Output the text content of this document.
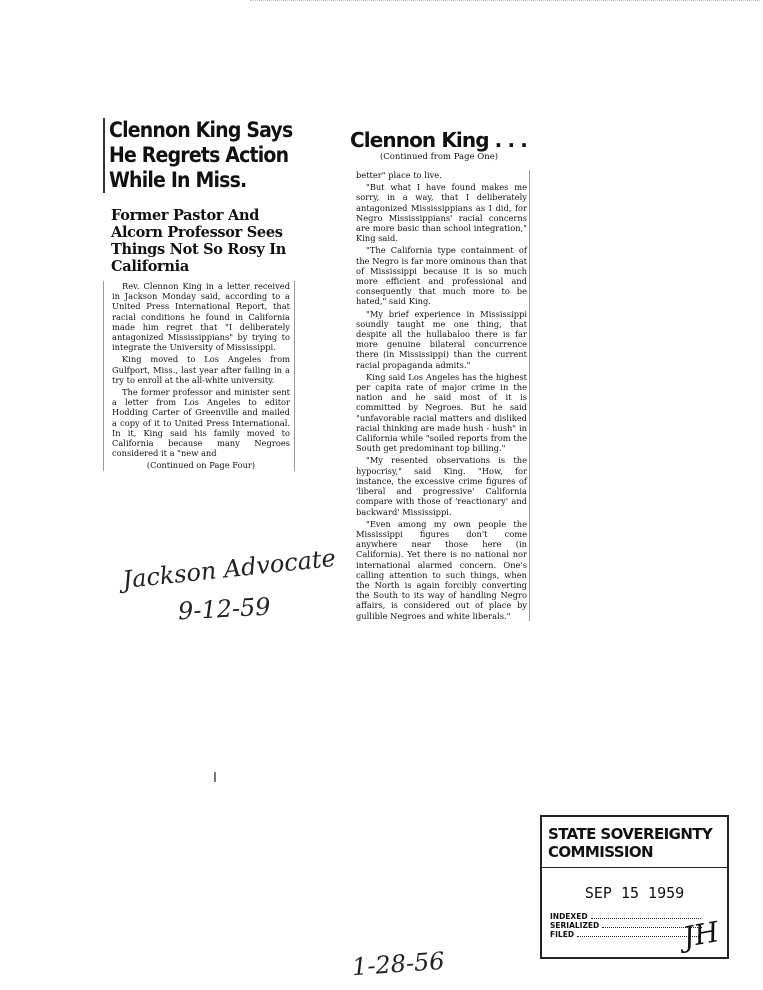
Clennon King Says He Regrets Action While In Miss.
Former Pastor And Alcorn Professor Sees Things Not So Rosy In California

Rev. Clennon King in a letter received in Jackson Monday said, according to a United Press International Report, that racial conditions he found in California made him regret that "I deliberately antagonized Mississippians" by trying to integrate the University of Mississippi.

King moved to Los Angeles from Gulfport, Miss., last year after failing in a try to enroll at the all-white university.

The former professor and minister sent a letter from Los Angeles to editor Hodding Carter of Greenville and mailed a copy of it to United Press International. In it, King said his family moved to California because many Negroes considered it a "new and

(Continued on Page Four)
Clennon King . . .
(Continued from Page One)

better" place to live.

"But what I have found makes me sorry, in a way, that I deliberately antagonized Mississippians as I did, for Negro Mississippians' racial concerns are more basic than school integration," King said.

"The California type containment of the Negro is far more ominous than that of Mississippi because it is so much more efficient and professional and consequently that much more to be hated," said King.

"My brief experience in Mississippi soundly taught me one thing, that despite all the hullabaloo there is far more genuine bilateral concurrence there (in Mississippi) than the current racial propaganda admits."

King said Los Angeles has the highest per capita rate of major crime in the nation and he said most of it is committed by Negroes. But he said "unfavorable racial matters and disliked racial thinking are made hush - hush" in California while "soiled reports from the South get predominant top billing."

"My resented observations is the hypocrisy," said King. "How, for instance, the excessive crime figures of 'liberal and progressive' California compare with those of 'reactionary' and backward' Mississippi.

"Even among my own people the Mississippi figures don't come anywhere near those here (in California). Yet there is no national nor international alarmed concern. One's calling attention to such things, when the North is again forcibly converting the South to its way of handling Negro affairs, is considered out of place by gullible Negroes and white liberals."

Jackson Advocate
9-12-59
1-28-56
STATE SOVEREIGNTY COMMISSION
SEP 15 1959
INDEXED
SERIALIZED
FILED	JH
